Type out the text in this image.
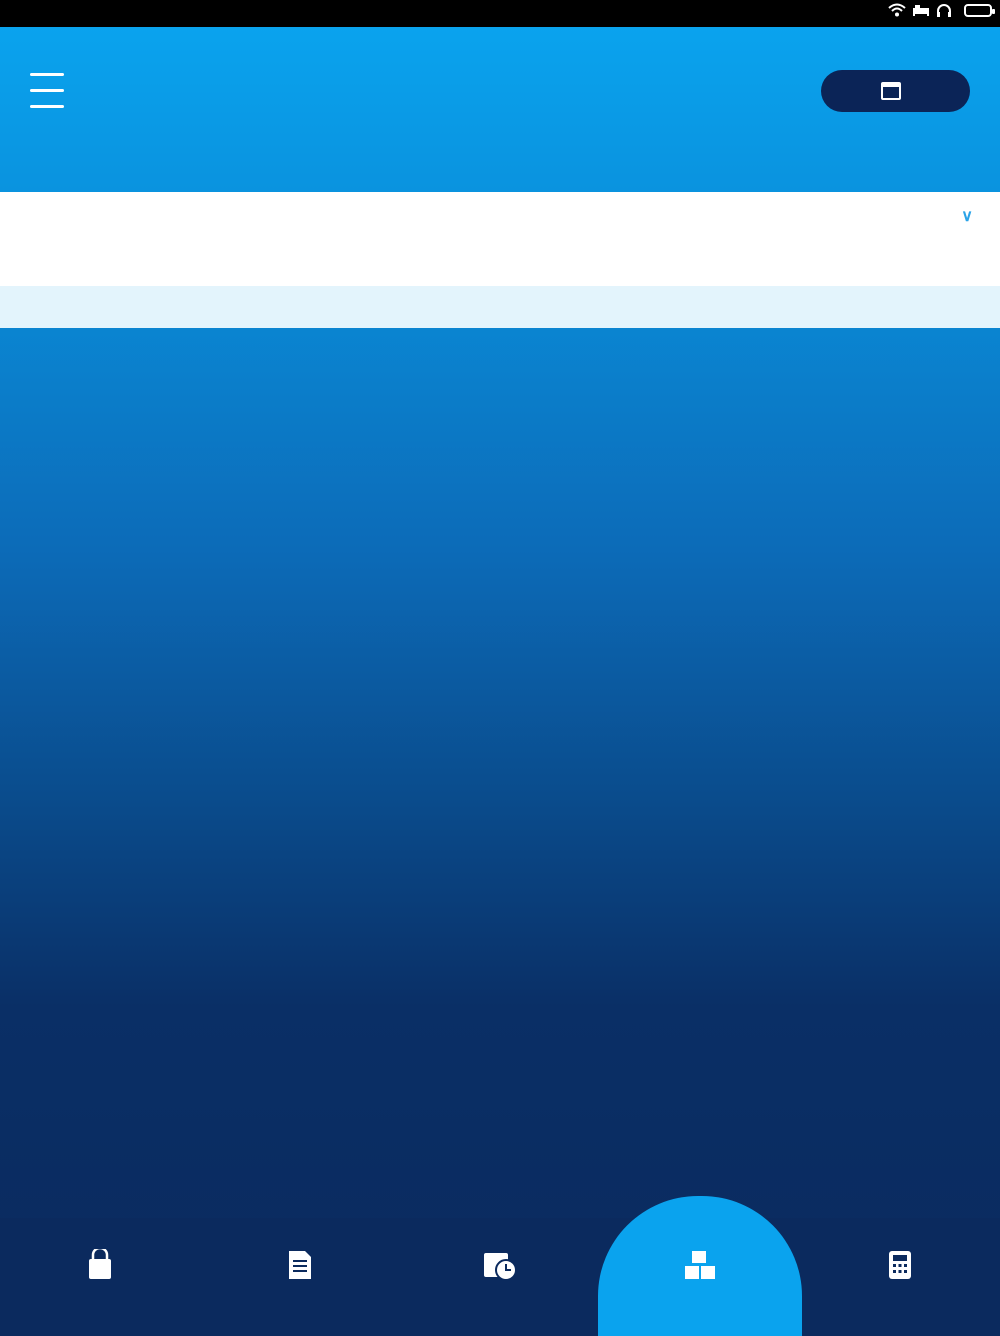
∨
